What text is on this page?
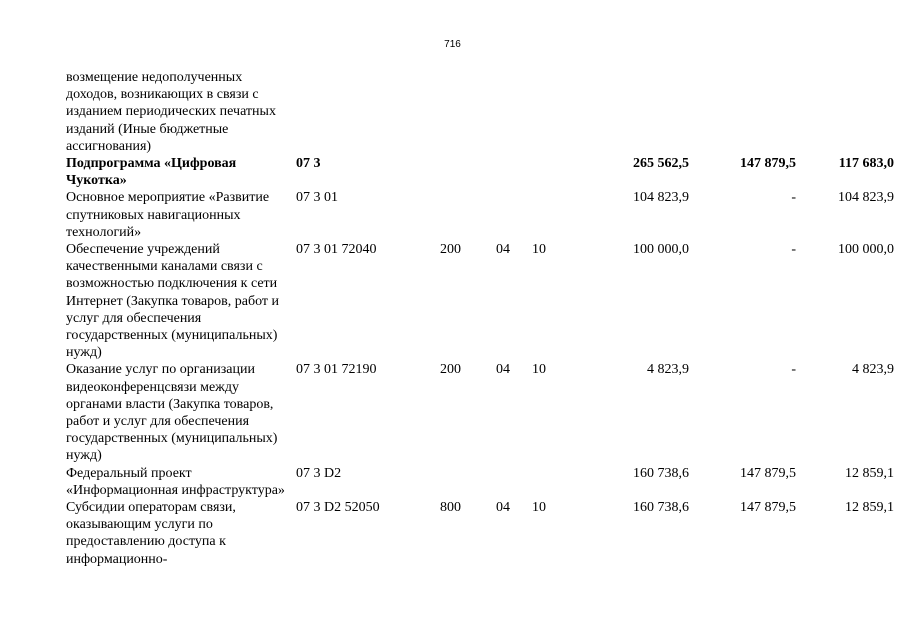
716
возмещение недополученных доходов, возникающих в связи с изданием периодических печатных изданий (Иные бюджетные ассигнования)							
Подпрограмма «Цифровая Чукотка»	07 3				265 562,5	147 879,5	117 683,0
Основное мероприятие «Развитие спутниковых навигационных технологий»	07 3 01				104 823,9	-	104 823,9
Обеспечение учреждений качественными каналами связи с возможностью подключения к сети Интернет (Закупка товаров, работ и услуг для обеспечения государственных (муниципальных) нужд)	07 3 01 72040	200	04	10	100 000,0	-	100 000,0
Оказание услуг по организации видеоконференцсвязи между органами власти (Закупка товаров, работ и услуг для обеспечения государственных (муниципальных) нужд)	07 3 01 72190	200	04	10	4 823,9	-	4 823,9
Федеральный проект «Информационная инфраструктура»	07 3 D2				160 738,6	147 879,5	12 859,1
Субсидии операторам связи, оказывающим услуги по предоставлению доступа к информационно-	07 3 D2 52050	800	04	10	160 738,6	147 879,5	12 859,1
